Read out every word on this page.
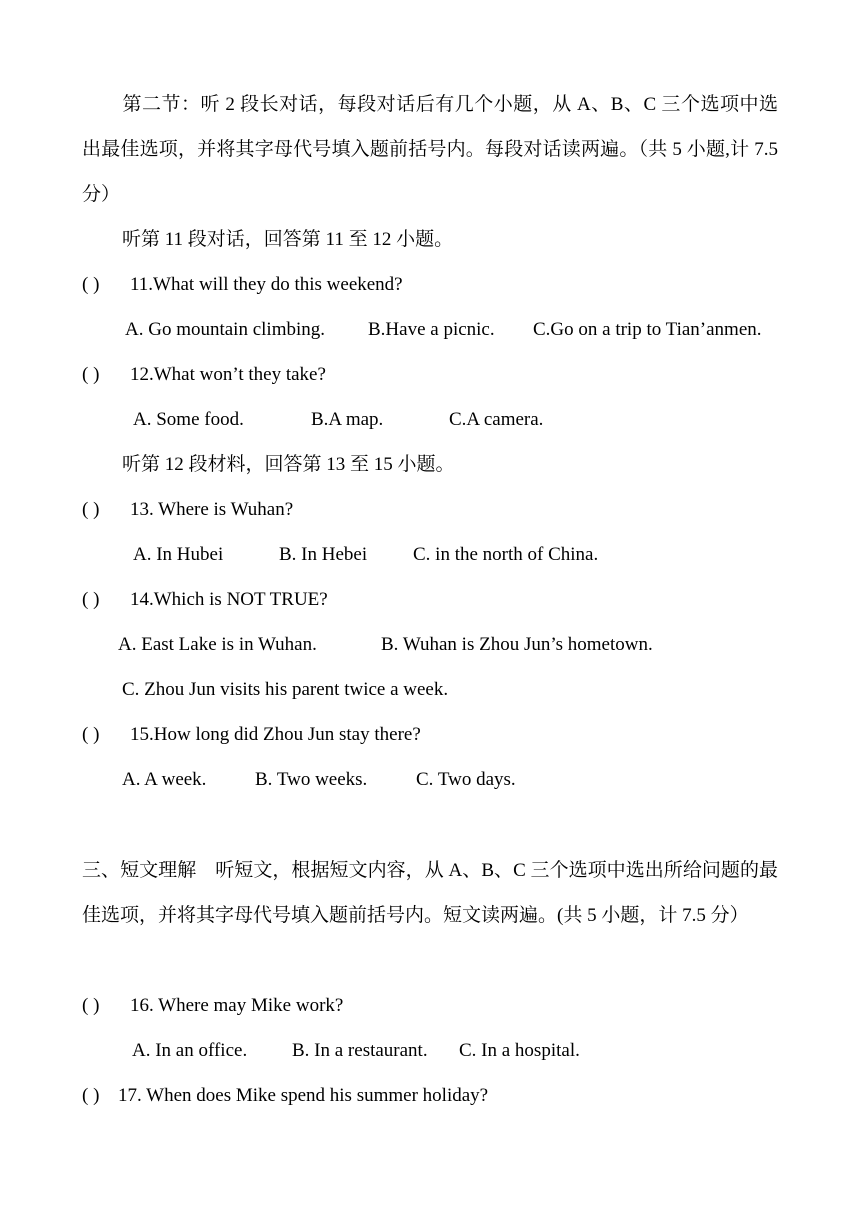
第二节：听 2 段长对话，每段对话后有几个小题，从 A、B、C 三个选项中选出最佳选项，并将其字母代号填入题前括号内。每段对话读两遍。（共 5 小题,计 7.5 分）
听第 11 段对话，回答第 11 至 12 小题。
( ) 11.What will they do this weekend?
A. Go mountain climbing. B.Have a picnic. C.Go on a trip to Tian’anmen.
( ) 12.What won’t they take?
A. Some food.	B.A map.	C.A camera.
听第 12 段材料，回答第 13 至 15 小题。
( ) 13. Where is Wuhan?
A. In Hubei	B. In Hebei C. in the north of China.
( ) 14.Which is NOT TRUE?
A. East Lake is in Wuhan.	B. Wuhan is Zhou Jun’s hometown.
C. Zhou Jun visits his parent twice a week.
( ) 15.How long did Zhou Jun stay there?
A. A week.	B. Two weeks.	C. Two days.
三、短文理解　听短文，根据短文内容，从 A、B、C 三个选项中选出所给问题的最佳选项，并将其字母代号填入题前括号内。短文读两遍。(共 5 小题，计 7.5 分）
( ) 16. Where may Mike work?
A. In an office. B. In a restaurant. C. In a hospital.
( ) 17. When does Mike spend his summer holiday?
